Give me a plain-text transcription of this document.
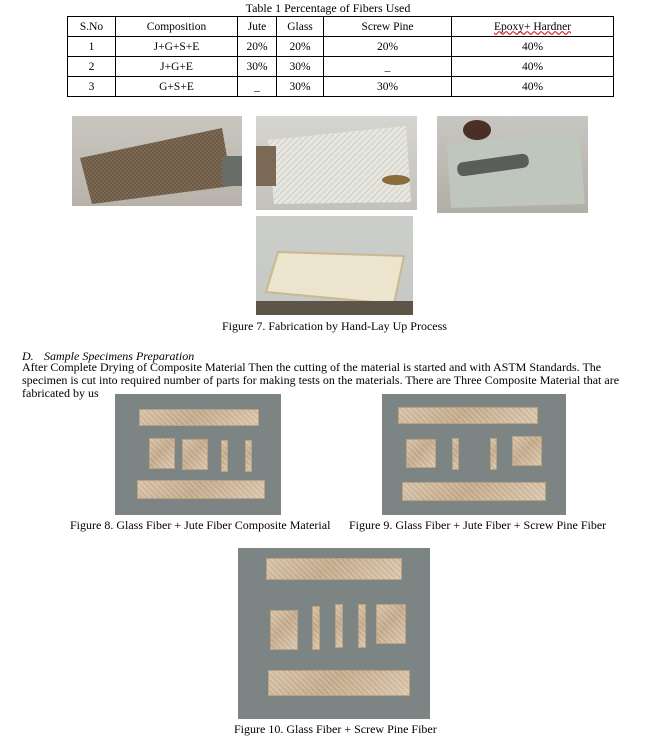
Table 1 Percentage of Fibers Used
S.No	Composition	Jute	Glass	Screw Pine	Epoxy+ Hardner
1	J+G+S+E	20%	20%	20%	40%
2	J+G+E	30%	30%	_	40%
3	G+S+E	_	30%	30%	40%
Figure 7. Fabrication by Hand-Lay Up Process
D. Sample Specimens Preparation
After Complete Drying of Composite Material Then the cutting of the material is started and with ASTM Standards. The specimen is cut into required number of parts for making tests on the materials. There are Three Composite Material that are fabricated by us
Figure 8. Glass Fiber + Jute Fiber Composite Material Figure 9. Glass Fiber + Jute Fiber + Screw Pine Fiber
Figure 10. Glass Fiber + Screw Pine Fiber
